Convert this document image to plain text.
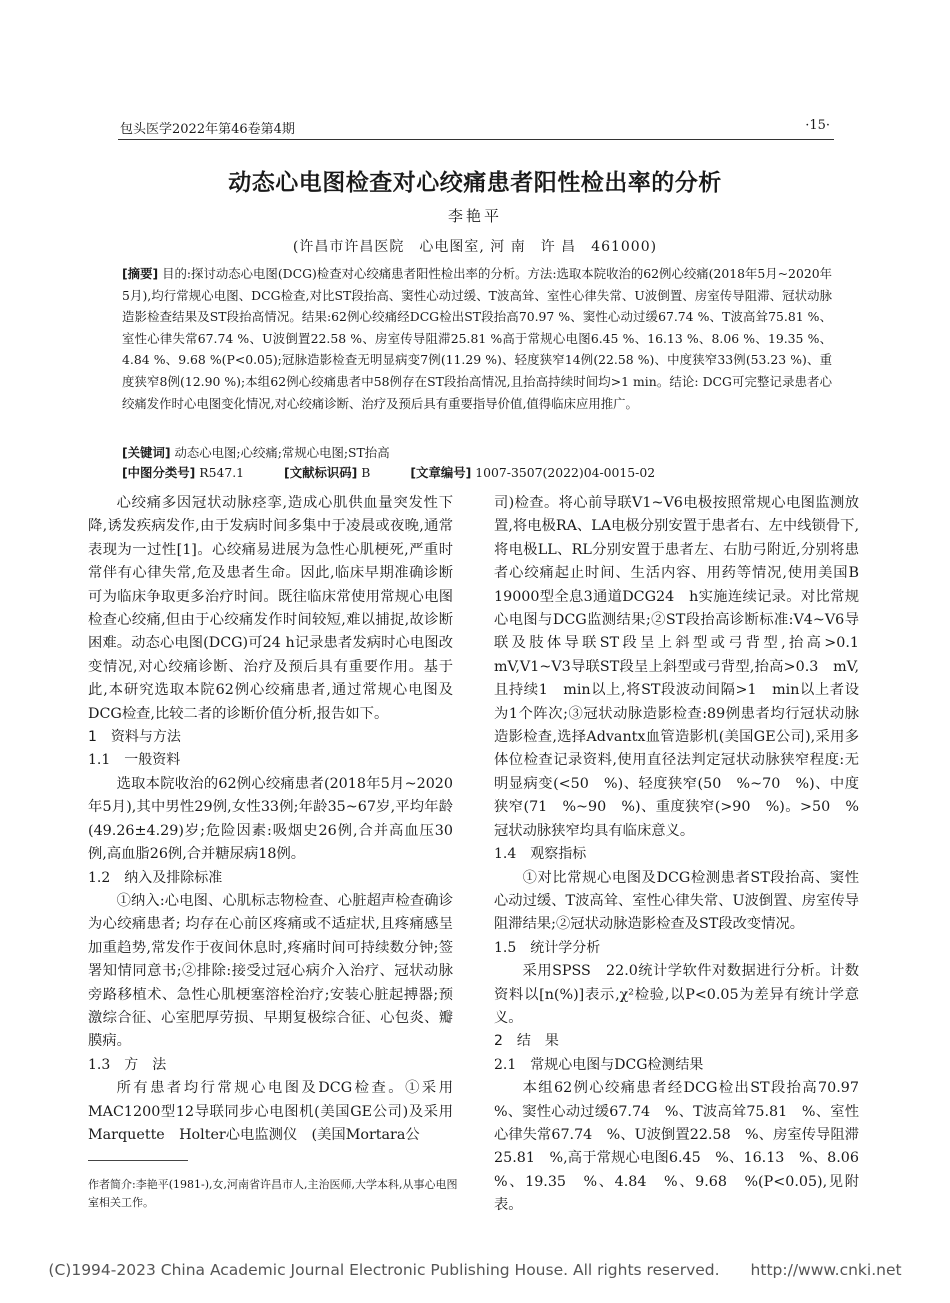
包头医学2022年第46卷第4期	·15·
动态心电图检查对心绞痛患者阳性检出率的分析
李艳平
(许昌市许昌医院　心电图室, 河 南　许 昌　461000)
[摘要] 目的:探讨动态心电图(DCG)检查对心绞痛患者阳性检出率的分析。方法:选取本院收治的62例心绞痛(2018年5月~2020年5月),均行常规心电图、DCG检查,对比ST段抬高、窦性心动过缓、T波高耸、室性心律失常、U波倒置、房室传导阻滞、冠状动脉造影检查结果及ST段抬高情况。结果:62例心绞痛经DCG检出ST段抬高70.97 %、窦性心动过缓67.74 %、T波高耸75.81 %、室性心律失常67.74 %、U波倒置22.58 %、房室传导阻滞25.81 %高于常规心电图6.45 %、16.13 %、8.06 %、19.35 %、4.84 %、9.68 %(P<0.05);冠脉造影检查无明显病变7例(11.29 %)、轻度狭窄14例(22.58 %)、中度狭窄33例(53.23 %)、重度狭窄8例(12.90 %);本组62例心绞痛患者中58例存在ST段抬高情况,且抬高持续时间均>1 min。结论: DCG可完整记录患者心绞痛发作时心电图变化情况,对心绞痛诊断、治疗及预后具有重要指导价值,值得临床应用推广。
[关键词] 动态心电图;心绞痛;常规心电图;ST抬高
[中图分类号] R547.1	[文献标识码] B	[文章编号] 1007-3507(2022)04-0015-02

心绞痛多因冠状动脉痉挛,造成心肌供血量突发性下降,诱发疾病发作,由于发病时间多集中于凌晨或夜晚,通常表现为一过性[1]。心绞痛易进展为急性心肌梗死,严重时常伴有心律失常,危及患者生命。因此,临床早期准确诊断可为临床争取更多治疗时间。既往临床常使用常规心电图检查心绞痛,但由于心绞痛发作时间较短,难以捕捉,故诊断困难。动态心电图(DCG)可24 h记录患者发病时心电图改变情况,对心绞痛诊断、治疗及预后具有重要作用。基于此,本研究选取本院62例心绞痛患者,通过常规心电图及DCG检查,比较二者的诊断价值分析,报告如下。

1　资料与方法

1.1　一般资料

选取本院收治的62例心绞痛患者(2018年5月~2020年5月),其中男性29例,女性33例;年龄35~67岁,平均年龄(49.26±4.29)岁;危险因素:吸烟史26例,合并高血压30例,高血脂26例,合并糖尿病18例。

1.2　纳入及排除标准

①纳入:心电图、心肌标志物检查、心脏超声检查确诊为心绞痛患者; 均存在心前区疼痛或不适症状,且疼痛感呈加重趋势,常发作于夜间休息时,疼痛时间可持续数分钟;签署知情同意书;②排除:接受过冠心病介入治疗、冠状动脉旁路移植术、急性心肌梗塞溶栓治疗;安装心脏起搏器;预激综合征、心室肥厚劳损、早期复极综合征、心包炎、瓣膜病。

1.3　方　法

所有患者均行常规心电图及DCG检查。①采用MAC1200型12导联同步心电图机(美国GE公司)及采用Marquette　Holter心电监测仪　(美国Mortara公

作者简介:李艳平(1981-),女,河南省许昌市人,主治医师,大学本科,从事心电图室相关工作。

司)检查。将心前导联V1~V6电极按照常规心电图监测放置,将电极RA、LA电极分别安置于患者右、左中线锁骨下,将电极LL、RL分别安置于患者左、右肋弓附近,分别将患者心绞痛起止时间、生活内容、用药等情况,使用美国B　19000型全息3通道DCG24　h实施连续记录。对比常规心电图与DCG监测结果;②ST段抬高诊断标准:V4~V6导联及肢体导联ST段呈上斜型或弓背型,抬高>0.1　mV,V1~V3导联ST段呈上斜型或弓背型,抬高>0.3　mV,且持续1　min以上,将ST段波动间隔>1　min以上者设为1个阵次;③冠状动脉造影检查:89例患者均行冠状动脉造影检查,选择Advantx血管造影机(美国GE公司),采用多体位检查记录资料,使用直径法判定冠状动脉狭窄程度:无明显病变(<50　%)、轻度狭窄(50　%~70　%)、中度狭窄(71　%~90　%)、重度狭窄(>90　%)。>50　%冠状动脉狭窄均具有临床意义。

1.4　观察指标

①对比常规心电图及DCG检测患者ST段抬高、窦性心动过缓、T波高耸、室性心律失常、U波倒置、房室传导阻滞结果;②冠状动脉造影检查及ST段改变情况。

1.5　统计学分析

采用SPSS　22.0统计学软件对数据进行分析。计数资料以[n(%)]表示,χ²检验,以P<0.05为差异有统计学意义。

2　结　果

2.1　常规心电图与DCG检测结果

本组62例心绞痛患者经DCG检出ST段抬高70.97　%、窦性心动过缓67.74　%、T波高耸75.81　%、室性心律失常67.74　%、U波倒置22.58　%、房室传导阻滞25.81　%,高于常规心电图6.45　%、16.13　%、8.06　%、19.35　%、4.84　%、9.68　%(P<0.05),见附表。

(C)1994-2023 China Academic Journal Electronic Publishing House. All rights reserved.　　http://www.cnki.net
